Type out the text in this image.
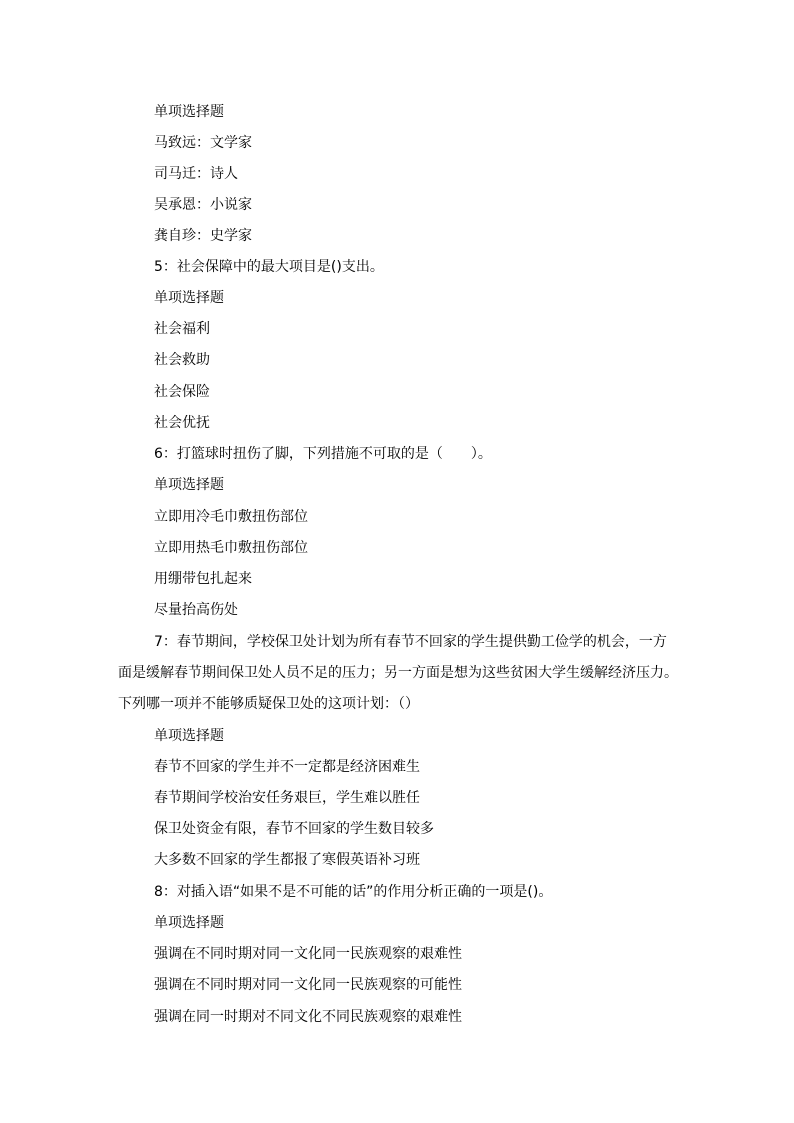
单项选择题
马致远：文学家
司马迁：诗人
吴承恩：小说家
龚自珍：史学家
5：社会保障中的最大项目是()支出。
单项选择题
社会福利
社会救助
社会保险
社会优抚
6：打篮球时扭伤了脚，下列措施不可取的是（　　）。
单项选择题
立即用冷毛巾敷扭伤部位
立即用热毛巾敷扭伤部位
用绷带包扎起来
尽量抬高伤处
7：春节期间，学校保卫处计划为所有春节不回家的学生提供勤工俭学的机会，一方
面是缓解春节期间保卫处人员不足的压力；另一方面是想为这些贫困大学生缓解经济压力。
下列哪一项并不能够质疑保卫处的这项计划：（）
单项选择题
春节不回家的学生并不一定都是经济困难生
春节期间学校治安任务艰巨，学生难以胜任
保卫处资金有限，春节不回家的学生数目较多
大多数不回家的学生都报了寒假英语补习班
8：对插入语“如果不是不可能的话”的作用分析正确的一项是()。
单项选择题
强调在不同时期对同一文化同一民族观察的艰难性
强调在不同时期对同一文化同一民族观察的可能性
强调在同一时期对不同文化不同民族观察的艰难性
